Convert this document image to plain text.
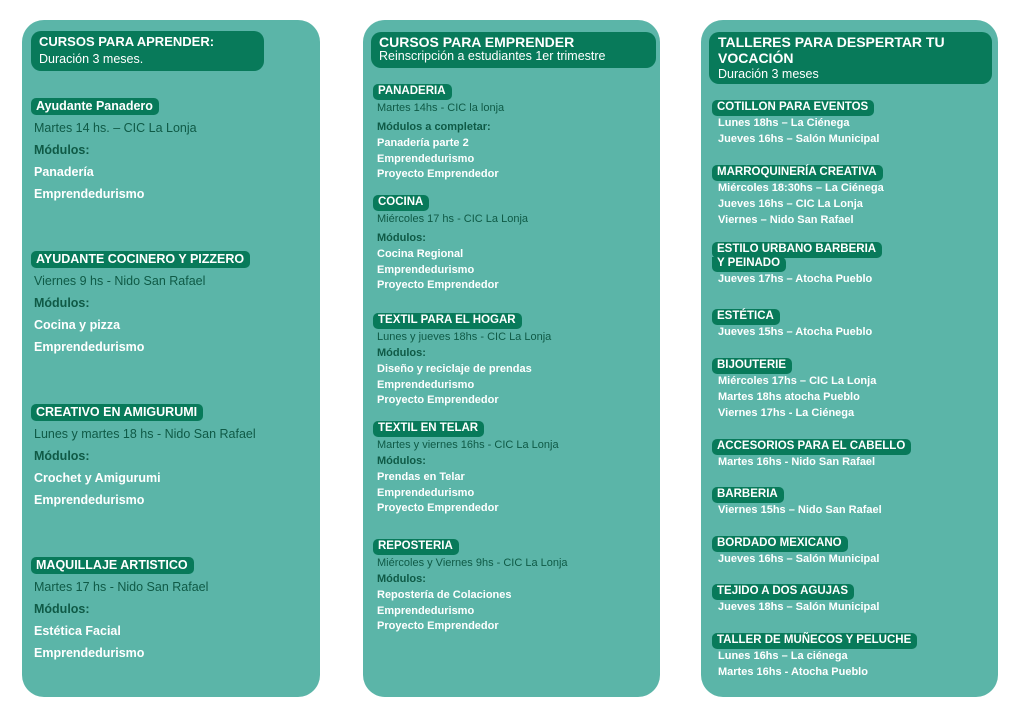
CURSOS PARA APRENDER:
Duración 3 meses.
Ayudante Panadero
Martes 14 hs. – CIC La Lonja
Módulos:
Panadería
Emprendedurismo
AYUDANTE COCINERO Y PIZZERO
Viernes 9 hs - Nido San Rafael
Módulos:
Cocina y pizza
Emprendedurismo
CREATIVO EN AMIGURUMI
Lunes y martes 18 hs - Nido San Rafael
Módulos:
Crochet y Amigurumi
Emprendedurismo
MAQUILLAJE ARTISTICO
Martes 17 hs - Nido San Rafael
Módulos:
Estética Facial
Emprendedurismo
CURSOS PARA EMPRENDER
Reinscripción a estudiantes 1er trimestre
PANADERIA
Martes 14hs - CIC la lonja
Módulos a completar:
Panadería parte 2
Emprendedurismo
Proyecto Emprendedor
COCINA
Miércoles 17 hs - CIC La Lonja
Módulos:
Cocina Regional
Emprendedurismo
Proyecto Emprendedor
TEXTIL PARA EL HOGAR
Lunes y jueves 18hs - CIC La Lonja
Módulos:
Diseño y reciclaje de prendas
Emprendedurismo
Proyecto Emprendedor
TEXTIL EN TELAR
Martes y viernes 16hs - CIC La Lonja
Módulos:
Prendas en Telar
Emprendedurismo
Proyecto Emprendedor
REPOSTERIA
Miércoles y Viernes 9hs - CIC La Lonja
Módulos:
Repostería de Colaciones
Emprendedurismo
Proyecto Emprendedor
TALLERES PARA DESPERTAR TU VOCACIÓN
Duración 3 meses
COTILLON PARA EVENTOS
Lunes 18hs – La Ciénega
Jueves 16hs – Salón Municipal
MARROQUINERÍA CREATIVA
Miércoles 18:30hs – La Ciénega
Jueves 16hs – CIC La Lonja
Viernes – Nido San Rafael
ESTILO URBANO BARBERIA
Y PEINADO
Jueves 17hs – Atocha Pueblo
ESTÉTICA
Jueves 15hs – Atocha Pueblo
BIJOUTERIE
Miércoles 17hs – CIC La Lonja
Martes 18hs atocha Pueblo
Viernes 17hs - La Ciénega
ACCESORIOS PARA EL CABELLO
Martes 16hs - Nido San Rafael
BARBERIA
Viernes 15hs – Nido San Rafael
BORDADO MEXICANO
Jueves 16hs – Salón Municipal
TEJIDO A DOS AGUJAS
Jueves 18hs – Salón Municipal
TALLER DE MUÑECOS Y PELUCHE
Lunes 16hs – La ciénega
Martes 16hs - Atocha Pueblo
